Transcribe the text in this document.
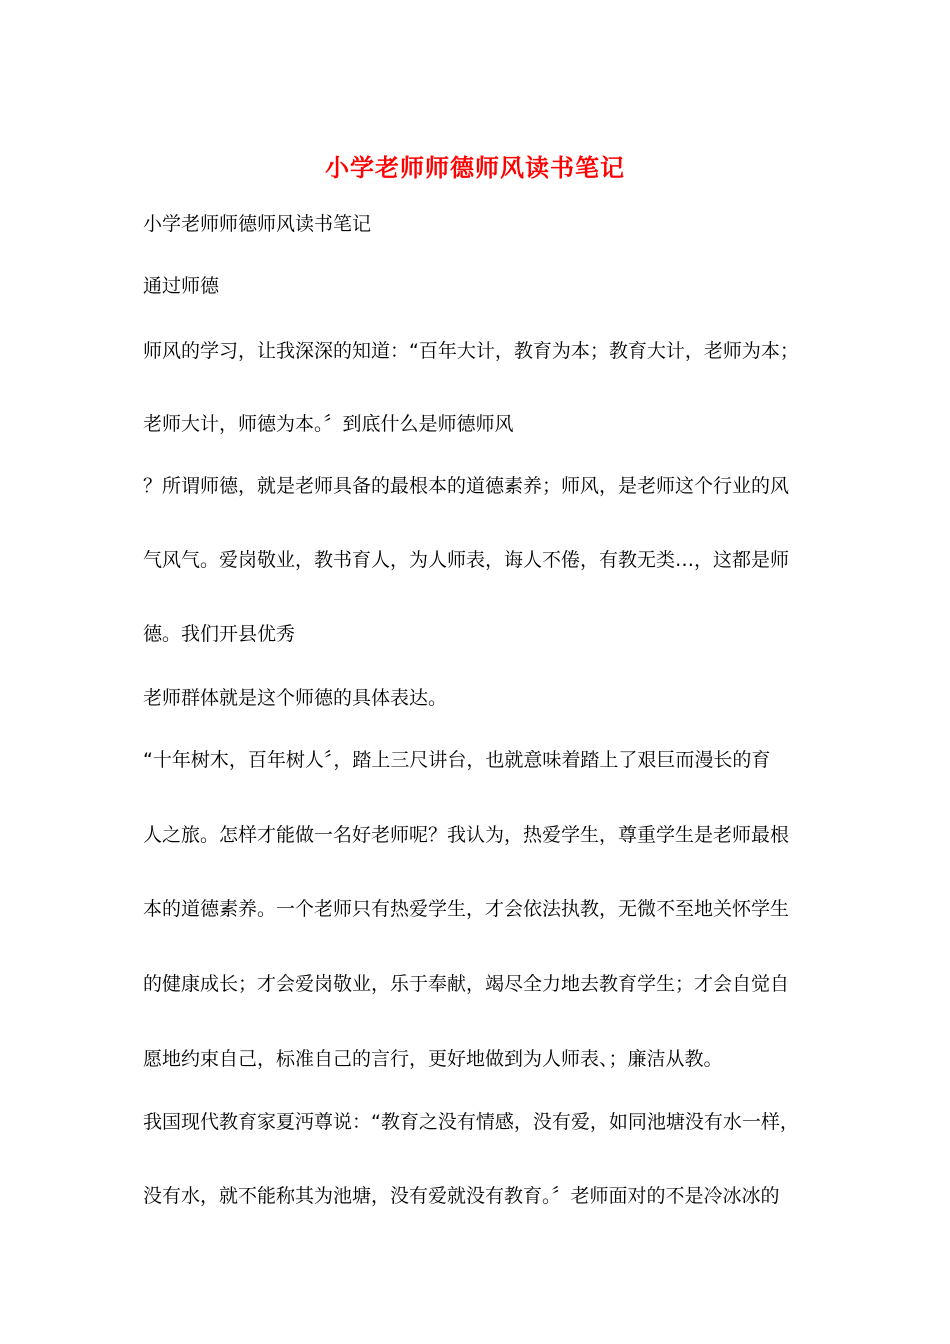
小学老师师德师风读书笔记
小学老师师德师风读书笔记
通过师德
师风的学习，让我深深的知道：“百年大计，教育为本；教育大计，老师为本；
老师大计，师德为本。〞到底什么是师德师风
？所谓师德，就是老师具备的最根本的道德素养；师风，是老师这个行业的风
气风气。爱岗敬业，教书育人，为人师表，诲人不倦，有教无类…，这都是师
德。我们开县优秀
老师群体就是这个师德的具体表达。
“十年树木，百年树人〞，踏上三尺讲台，也就意味着踏上了艰巨而漫长的育
人之旅。怎样才能做一名好老师呢？我认为，热爱学生，尊重学生是老师最根
本的道德素养。一个老师只有热爱学生，才会依法执教，无微不至地关怀学生
的健康成长；才会爱岗敬业，乐于奉献，竭尽全力地去教育学生；才会自觉自
愿地约束自己，标准自己的言行，更好地做到为人师表、；廉洁从教。
我国现代教育家夏沔尊说：“教育之没有情感，没有爱，如同池塘没有水一样，
没有水，就不能称其为池塘，没有爱就没有教育。〞老师面对的不是冷冰冰的
